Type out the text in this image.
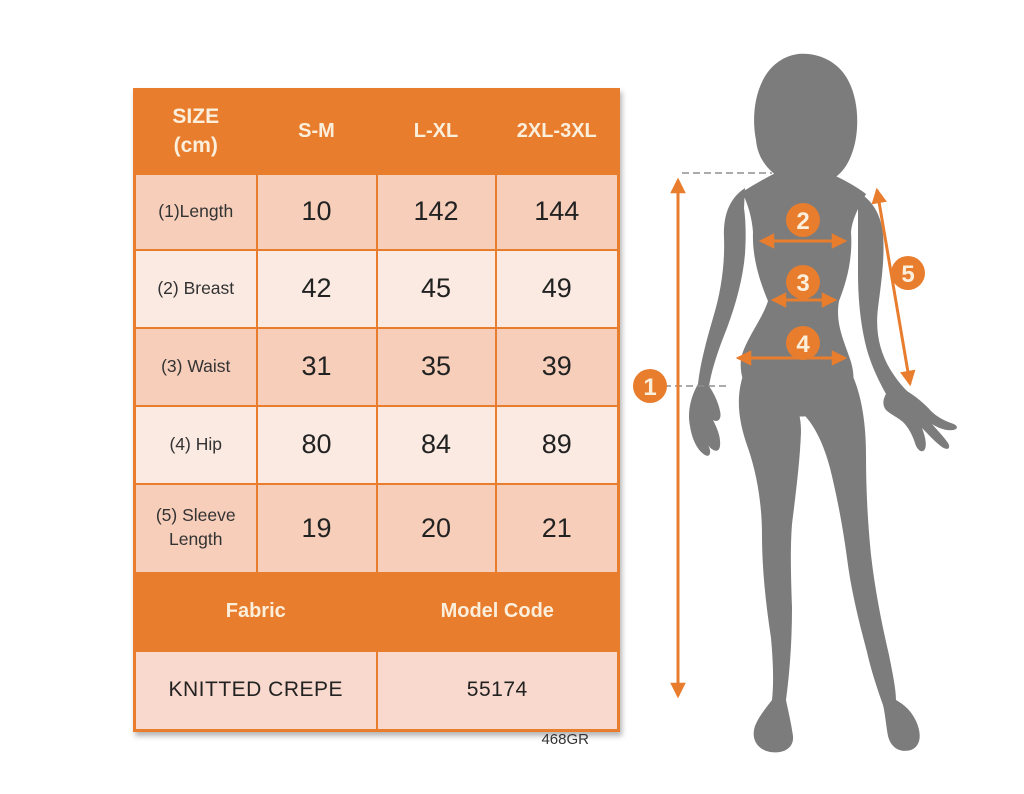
SIZE
(cm)	S-M	L-XL	2XL-3XL
(1)Length	10	142	144
(2) Breast	42	45	49
(3) Waist	31	35	39
(4) Hip	80	84	89
(5) Sleeve Length	19	20	21
Fabric		Model Code	
KNITTED CREPE		55174	
468GR
1
2
3
4
5
